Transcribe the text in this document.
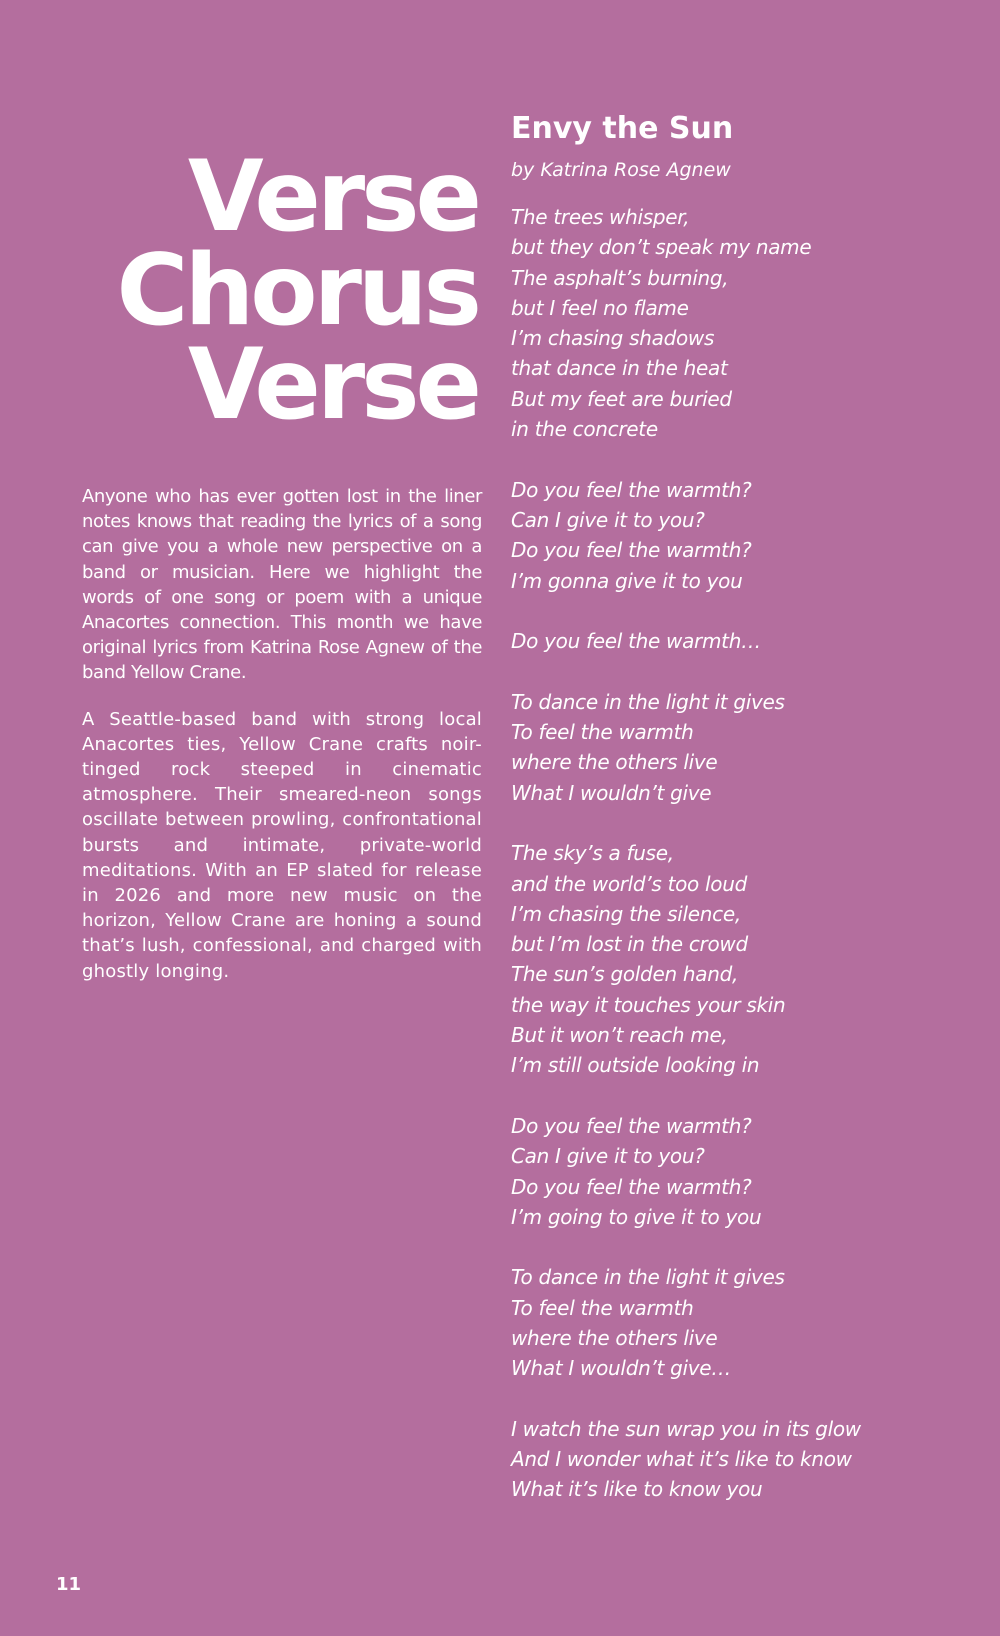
Verse
Chorus
Verse

Anyone who has ever gotten lost in the liner notes knows that reading the lyrics of a song can give you a whole new perspective on a band or musician. Here we highlight the words of one song or poem with a unique Anacortes connection. This month we have original lyrics from Katrina Rose Agnew of the band Yellow Crane.

A Seattle-based band with strong local Anacortes ties, Yellow Crane crafts noir-tinged rock steeped in cinematic atmosphere. Their smeared-neon songs oscillate between prowling, confrontational bursts and intimate, private-world meditations. With an EP slated for release in 2026 and more new music on the horizon, Yellow Crane are honing a sound that’s lush, confessional, and charged with ghostly longing.

Envy the Sun
by Katrina Rose Agnew
The trees whisper,
but they don’t speak my name
The asphalt’s burning,
but I feel no flame
I’m chasing shadows
that dance in the heat
But my feet are buried
in the concrete
Do you feel the warmth?
Can I give it to you?
Do you feel the warmth?
I’m gonna give it to you
Do you feel the warmth…
To dance in the light it gives
To feel the warmth
where the others live
What I wouldn’t give
The sky’s a fuse,
and the world’s too loud
I’m chasing the silence,
but I’m lost in the crowd
The sun’s golden hand,
the way it touches your skin
But it won’t reach me,
I’m still outside looking in
Do you feel the warmth?
Can I give it to you?
Do you feel the warmth?
I’m going to give it to you
To dance in the light it gives
To feel the warmth
where the others live
What I wouldn’t give…
I watch the sun wrap you in its glow
And I wonder what it’s like to know
What it’s like to know you
11
